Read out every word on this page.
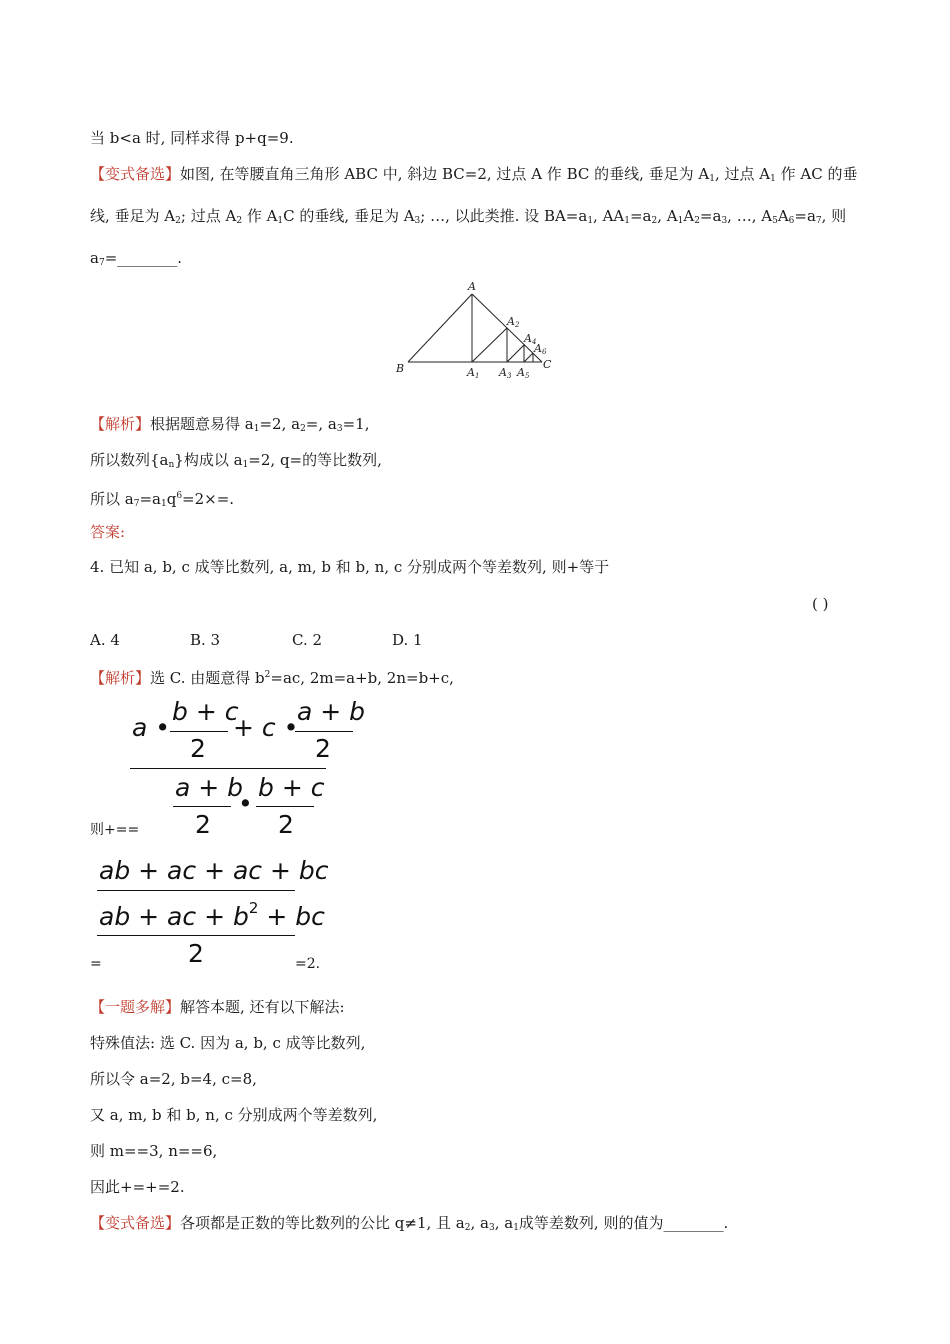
当 b<a 时, 同样求得 p+q=9.
【变式备选】如图, 在等腰直角三角形 ABC 中, 斜边 BC=2, 过点 A 作 BC 的垂线, 垂足为 $A_1$, 过点 $A_1$ 作 AC 的垂
线, 垂足为 $A_2$; 过点 $A_2$ 作 $A_1C$ 的垂线, 垂足为 $A_3$; …, 以此类推. 设 $BA=a_1$, $AA_1=a_2$, $A_1A_2=a_3$, …, $A_5A_6=a_7$, 则
$a_7=\_\_\_\_\_\_\_\_$.
A
B	C
A1
A2
A3
A4
A5
A6
【解析】根据题意易得 $a_1=2$, $a_2=$, $a_3=1$,
所以数列$\{a_n\}$构成以 $a_1=2$, q=的等比数列,
所以 $a_7=a_1q^6=2\times=$.
答案:
4. 已知 a, b, c 成等比数列, a, m, b 和 b, n, c 分别成两个等差数列, 则+等于
( )
A. 4	B. 3	C. 2	D. 1
【解析】选 C. 由题意得 $b^2=ac$, 2m=a+b, 2n=b+c,
a •
b + c
2
+ c •
a + b
2
a + b
2
•
b + c
2
则+==
ab + ac + ac + bc
ab + ac + $b^2$ + bc
2
=	=2.
【一题多解】解答本题, 还有以下解法:
特殊值法: 选 C. 因为 a, b, c 成等比数列,
所以令 a=2, b=4, c=8,
又 a, m, b 和 b, n, c 分别成两个等差数列,
则 m==3, n==6,
因此+=+=2.
【变式备选】各项都是正数的等比数列的公比 q≠1, 且 $a_2$, $a_3$, $a_1$成等差数列, 则的值为________.
